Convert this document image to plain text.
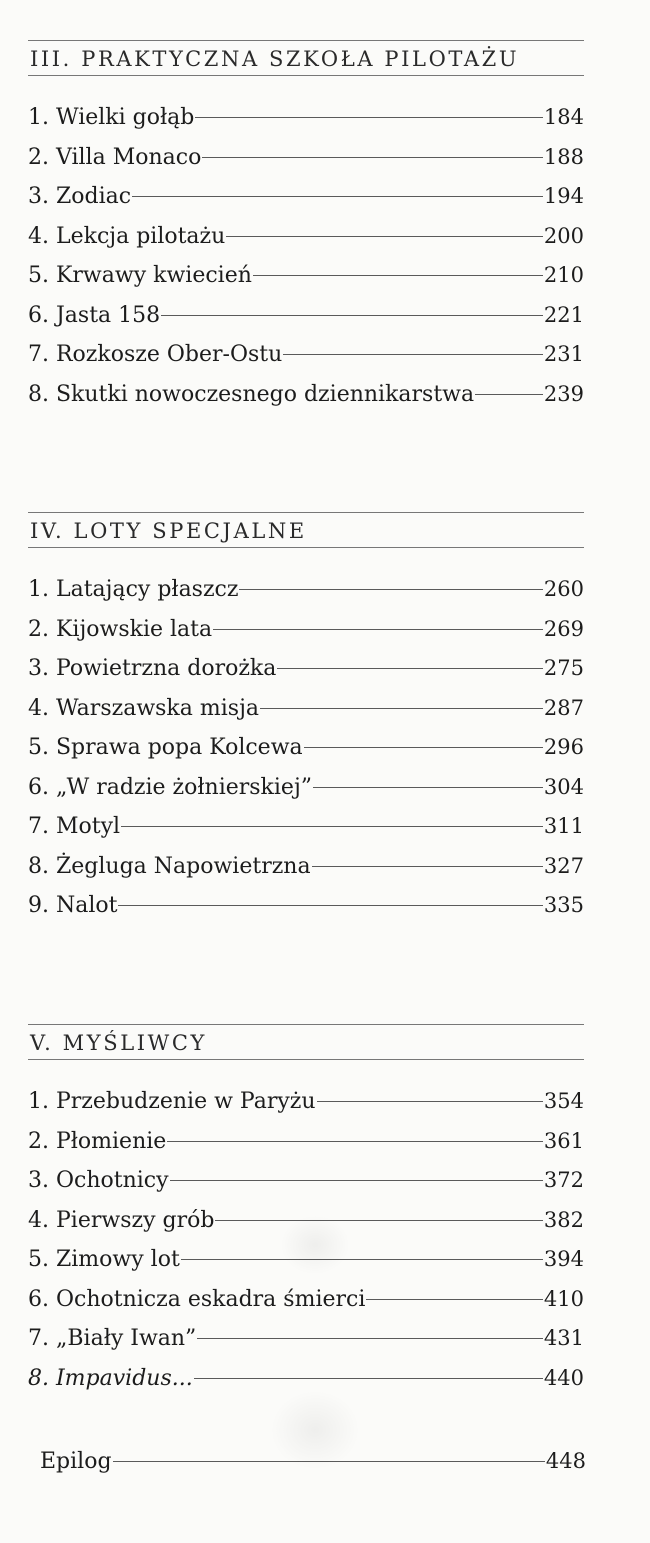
III. PRAKTYCZNA SZKOŁA PILOTAŻU
1. Wielki gołąb	184
2. Villa Monaco	188
3. Zodiac	194
4. Lekcja pilotażu	200
5. Krwawy kwiecień	210
6. Jasta 158	221
7. Rozkosze Ober-Ostu	231
8. Skutki nowoczesnego dziennikarstwa	239
IV. LOTY SPECJALNE
1. Latający płaszcz	260
2. Kijowskie lata	269
3. Powietrzna dorożka	275
4. Warszawska misja	287
5. Sprawa popa Kolcewa	296
6. „W radzie żołnierskiej”	304
7. Motyl	311
8. Żegluga Napowietrzna	327
9. Nalot	335
V. MYŚLIWCY
1. Przebudzenie w Paryżu	354
2. Płomienie	361
3. Ochotnicy	372
4. Pierwszy grób	382
5. Zimowy lot	394
6. Ochotnicza eskadra śmierci	410
7. „Biały Iwan”	431
8. Impavidus...	440
Epilog	448
